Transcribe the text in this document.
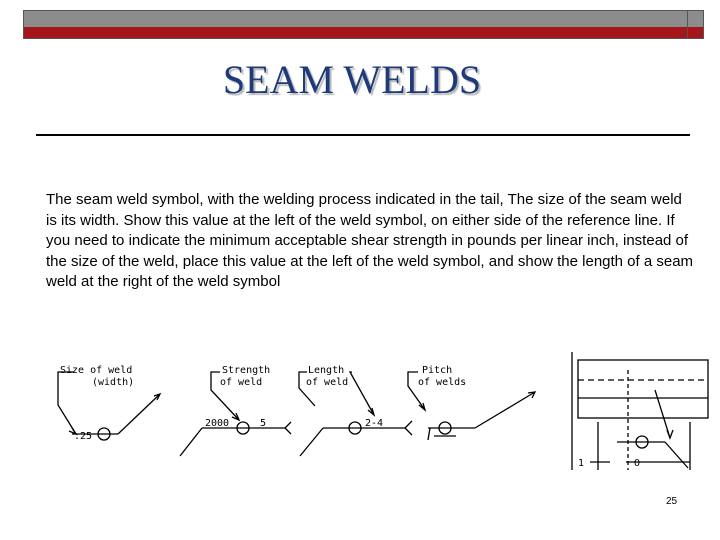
SEAM WELDS

The seam weld symbol, with the welding process indicated in the tail, The size of the seam weld is its width. Show this value at the left of the weld symbol, on either side of the reference line. If you need to indicate the minimum acceptable shear strength in pounds per linear inch, instead of the size of the weld, place this value at the left of the weld symbol, and show the length of a seam weld at the right of the weld symbol

Size of weld
(width)
.25
Strength
of weld
2000	5
Length
of weld
2-4
Pitch
of welds
1	O
25
